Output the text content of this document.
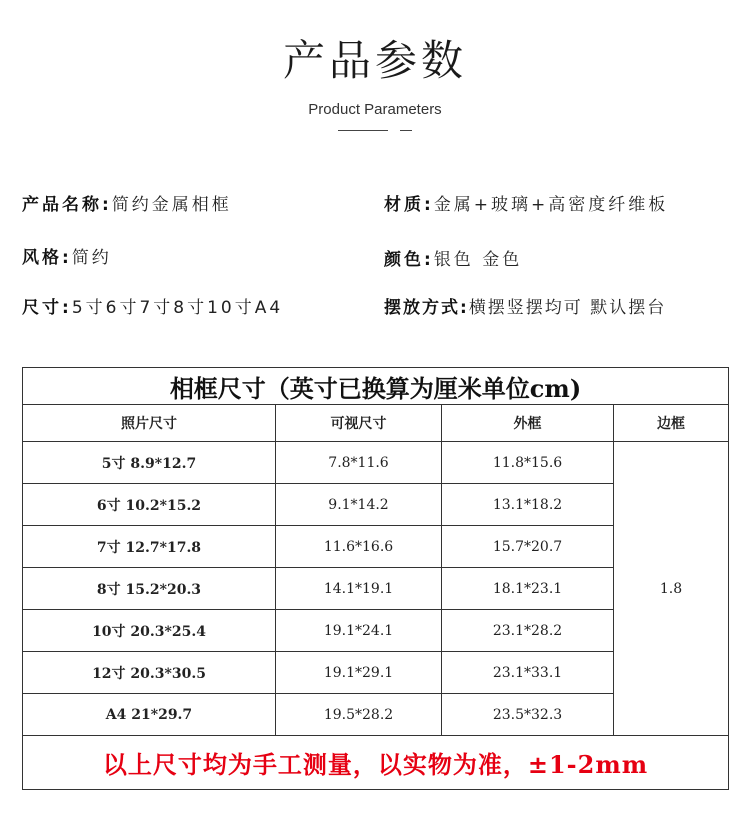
产品参数
Product Parameters
产品名称:简约金属相框	材质:金属+玻璃+高密度纤维板
风格:简约	颜色:银色 金色
尺寸:5寸6寸7寸8寸10寸A4	摆放方式:横摆竖摆均可 默认摆台
相框尺寸（英寸已换算为厘米单位cm)			
照片尺寸	可视尺寸	外框	边框
5寸 8.9*12.7	7.8*11.6	11.8*15.6	1.8
6寸 10.2*15.2	9.1*14.2	13.1*18.2	
7寸 12.7*17.8	11.6*16.6	15.7*20.7	
8寸 15.2*20.3	14.1*19.1	18.1*23.1	
10寸 20.3*25.4	19.1*24.1	23.1*28.2	
12寸 20.3*30.5	19.1*29.1	23.1*33.1	
A4 21*29.7	19.5*28.2	23.5*32.3	
以上尺寸均为手工测量，以实物为准，±1-2mm			
